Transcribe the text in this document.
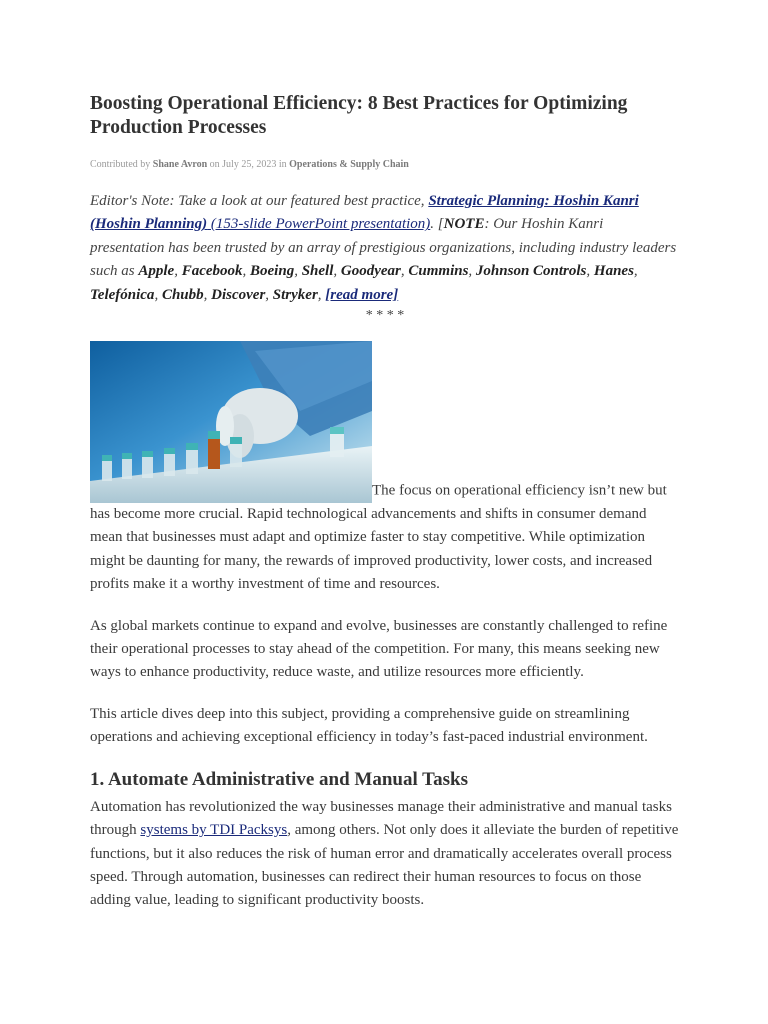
Boosting Operational Efficiency: 8 Best Practices for Optimizing Production Processes
Contributed by Shane Avron on July 25, 2023 in Operations & Supply Chain
Editor's Note: Take a look at our featured best practice, Strategic Planning: Hoshin Kanri (Hoshin Planning) (153-slide PowerPoint presentation). [NOTE: Our Hoshin Kanri presentation has been trusted by an array of prestigious organizations, including industry leaders such as Apple, Facebook, Boeing, Shell, Goodyear, Cummins, Johnson Controls, Hanes, Telefónica, Chubb, Discover, Stryker, [read more]
* * * *

The focus on operational efficiency isn’t new but has become more crucial. Rapid technological advancements and shifts in consumer demand mean that businesses must adapt and optimize faster to stay competitive. While optimization might be daunting for many, the rewards of improved productivity, lower costs, and increased profits make it a worthy investment of time and resources.

As global markets continue to expand and evolve, businesses are constantly challenged to refine their operational processes to stay ahead of the competition. For many, this means seeking new ways to enhance productivity, reduce waste, and utilize resources more efficiently.

This article dives deep into this subject, providing a comprehensive guide on streamlining operations and achieving exceptional efficiency in today’s fast-paced industrial environment.

1. Automate Administrative and Manual Tasks

Automation has revolutionized the way businesses manage their administrative and manual tasks through systems by TDI Packsys, among others. Not only does it alleviate the burden of repetitive functions, but it also reduces the risk of human error and dramatically accelerates overall process speed. Through automation, businesses can redirect their human resources to focus on those adding value, leading to significant productivity boosts.
